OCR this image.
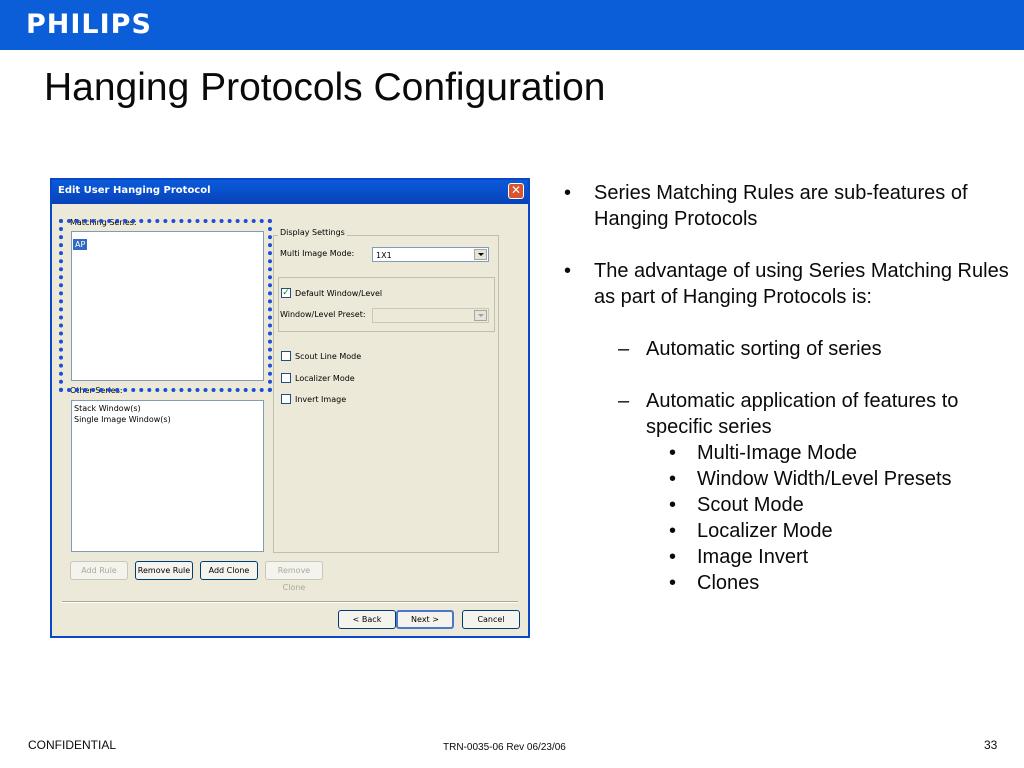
PHILIPS
Hanging Protocols Configuration
Edit User Hanging Protocol	✕
Matching Series:
AP
Other Series:
Stack Window(s)
Single Image Window(s)
Display Settings
Multi Image Mode:	1X1
✓ Default Window/Level
Window/Level Preset:
Scout Line Mode
Localizer Mode
Invert Image
Add Rule	Remove Rule	Add Clone	Remove Clone
< Back	Next >	Cancel
• Series Matching Rules are sub-features of Hanging Protocols
• The advantage of using Series Matching Rules as part of Hanging Protocols is:
– Automatic sorting of series
– Automatic application of features to specific series
• Multi-Image Mode
• Window Width/Level Presets
• Scout Mode
• Localizer Mode
• Image Invert
• Clones
CONFIDENTIAL	TRN-0035-06 Rev 06/23/06	33
